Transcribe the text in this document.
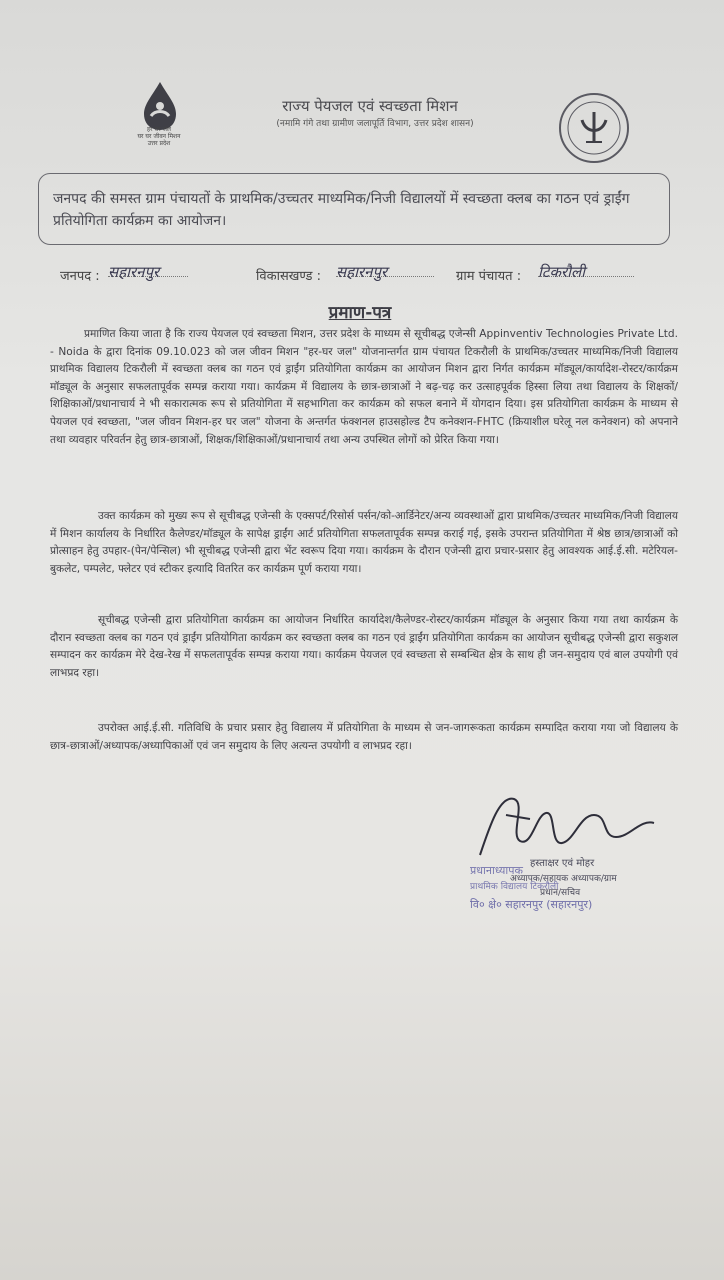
हर घर जल
घर घर जीवन मिशन
उत्तर प्रदेश
राज्य पेयजल एवं स्वच्छता मिशन
(नमामि गंगे तथा ग्रामीण जलापूर्ति विभाग, उत्तर प्रदेश शासन)
जनपद की समस्त ग्राम पंचायतों के प्राथमिक/उच्चतर माध्यमिक/निजी विद्यालयों में स्वच्छता क्लब का गठन एवं ड्राईंग प्रतियोगिता कार्यक्रम का आयोजन।
जनपद : सहारनपुर	विकासखण्ड : सहारनपुर	ग्राम पंचायत : टिकरौली
प्रमाण-पत्र
प्रमाणित किया जाता है कि राज्य पेयजल एवं स्वच्छता मिशन, उत्तर प्रदेश के माध्यम से सूचीबद्ध एजेन्सी Appinventiv Technologies Private Ltd. - Noida के द्वारा दिनांक 09.10.023 को जल जीवन मिशन "हर-घर जल" योजनान्तर्गत ग्राम पंचायत टिकरौली के प्राथमिक/उच्चतर माध्यमिक/निजी विद्यालय प्राथमिक विद्यालय टिकरौली में स्वच्छता क्लब का गठन एवं ड्राईंग प्रतियोगिता कार्यक्रम का आयोजन मिशन द्वारा निर्गत कार्यक्रम मॉड्यूल/कार्यादेश-रोस्टर/कार्यक्रम मॉड्यूल के अनुसार सफलतापूर्वक सम्पन्न कराया गया। कार्यक्रम में विद्यालय के छात्र-छात्राओं ने बढ़-चढ़ कर उत्साहपूर्वक हिस्सा लिया तथा विद्यालय के शिक्षकों/शिक्षिकाओं/प्रधानाचार्य ने भी सकारात्मक रूप से प्रतियोगिता में सहभागिता कर कार्यक्रम को सफल बनाने में योगदान दिया। इस प्रतियोगिता कार्यक्रम के माध्यम से पेयजल एवं स्वच्छता, "जल जीवन मिशन-हर घर जल" योजना के अन्तर्गत फंक्शनल हाउसहोल्ड टैप कनेक्शन-FHTC (क्रियाशील घरेलू नल कनेक्शन) को अपनाने तथा व्यवहार परिवर्तन हेतु छात्र-छात्राओं, शिक्षक/शिक्षिकाओं/प्रधानाचार्य तथा अन्य उपस्थित लोगों को प्रेरित किया गया।
उक्त कार्यक्रम को मुख्य रूप से सूचीबद्ध एजेन्सी के एक्सपर्ट/रिसोर्स पर्सन/को-आर्डिनेटर/अन्य व्यवस्थाओं द्वारा प्राथमिक/उच्चतर माध्यमिक/निजी विद्यालय में मिशन कार्यालय के निर्धारित कैलेण्डर/मॉड्यूल के सापेक्ष ड्राईंग आर्ट प्रतियोगिता सफलतापूर्वक सम्पन्न कराई गई, इसके उपरान्त प्रतियोगिता में श्रेष्ठ छात्र/छात्राओं को प्रोत्साहन हेतु उपहार-(पेन/पेन्सिल) भी सूचीबद्ध एजेन्सी द्वारा भेंट स्वरूप दिया गया। कार्यक्रम के दौरान एजेन्सी द्वारा प्रचार-प्रसार हेतु आवश्यक आई.ई.सी. मटेरियल-बुकलेट, पम्पलेट, फ्लेटर एवं स्टीकर इत्यादि वितरित कर कार्यक्रम पूर्ण कराया गया।
सूचीबद्ध एजेन्सी द्वारा प्रतियोगिता कार्यक्रम का आयोजन निर्धारित कार्यादेश/कैलेण्डर-रोस्टर/कार्यक्रम मॉड्यूल के अनुसार किया गया तथा कार्यक्रम के दौरान स्वच्छता क्लब का गठन एवं ड्राईंग प्रतियोगिता कार्यक्रम कर स्वच्छता क्लब का गठन एवं ड्राईंग प्रतियोगिता कार्यक्रम का आयोजन सूचीबद्ध एजेन्सी द्वारा सकुशल सम्पादन कर कार्यक्रम मेरे देख-रेख में सफलतापूर्वक सम्पन्न कराया गया। कार्यक्रम पेयजल एवं स्वच्छता से सम्बन्धित क्षेत्र के साथ ही जन-समुदाय एवं बाल उपयोगी एवं लाभप्रद रहा।
उपरोक्त आई.ई.सी. गतिविधि के प्रचार प्रसार हेतु विद्यालय में प्रतियोगिता के माध्यम से जन-जागरूकता कार्यक्रम सम्पादित कराया गया जो विद्यालय के छात्र-छात्राओं/अध्यापक/अध्यापिकाओं एवं जन समुदाय के लिए अत्यन्त उपयोगी व लाभप्रद रहा।
हस्ताक्षर एवं मोहर
अध्यापक/सहायक अध्यापक/ग्राम
प्रधान/सचिव
प्रधानाध्यापक
प्राथमिक विद्यालय टिकरौली
वि० क्षे० सहारनपुर (सहारनपुर)
